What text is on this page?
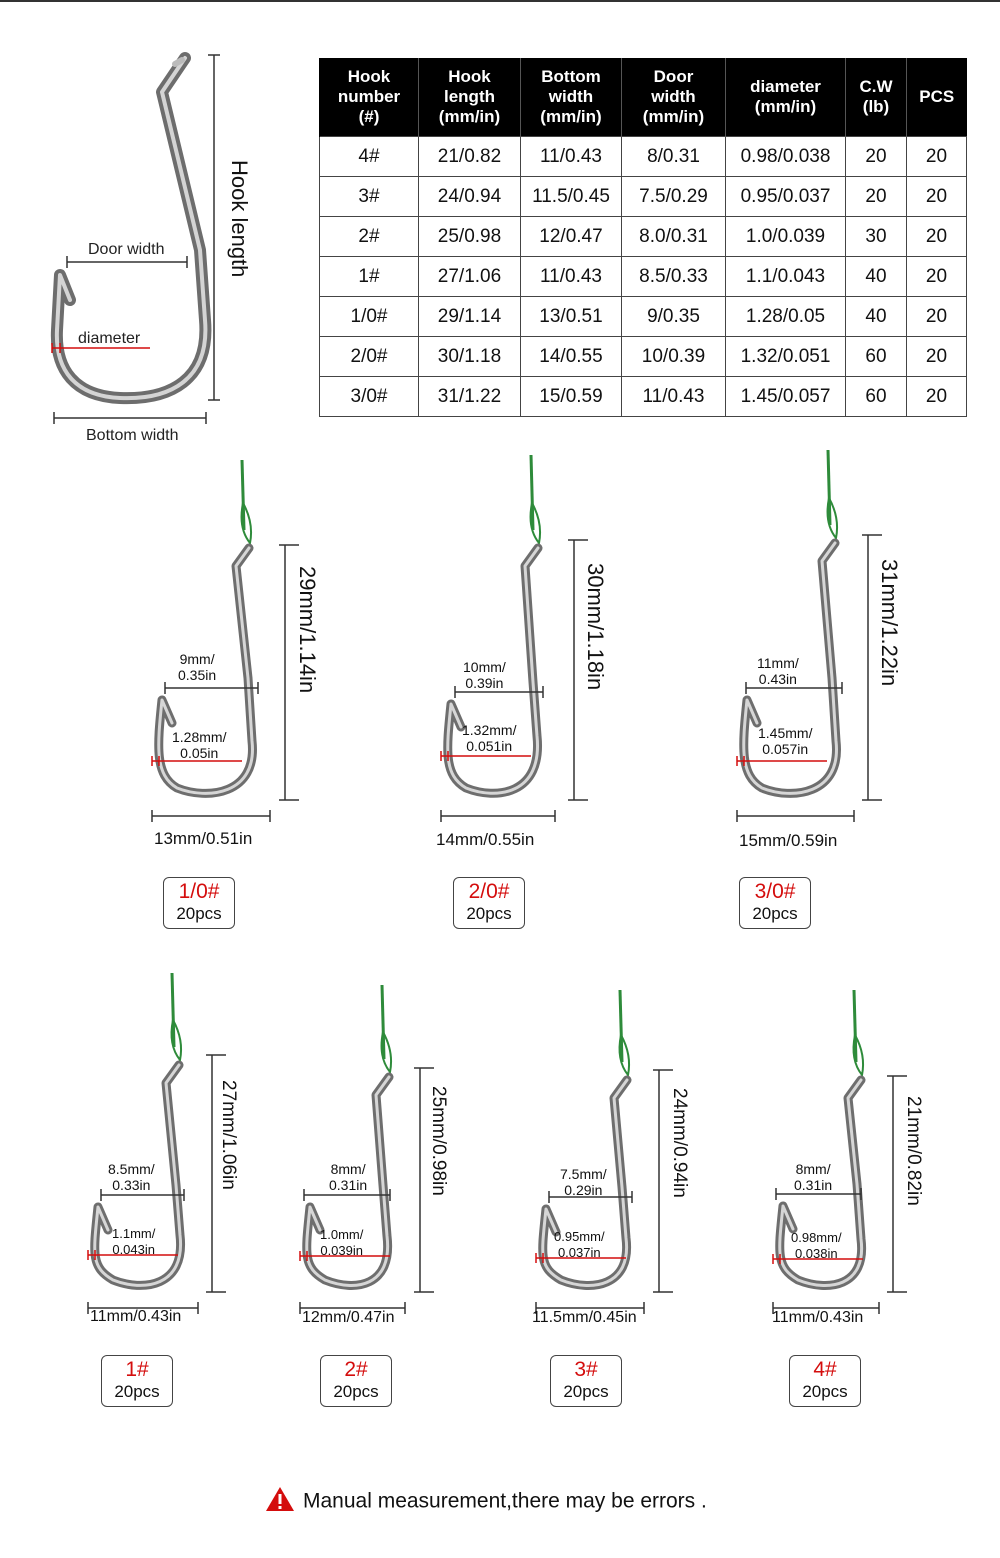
Hook length
Door width
diameter
Bottom width
Hook
number
(#)	Hook
length
(mm/in)	Bottom
width
(mm/in)	Door
width
(mm/in)	diameter
(mm/in)	C.W
(lb)	PCS
4#	21/0.82	11/0.43	8/0.31	0.98/0.038	20	20
3#	24/0.94	11.5/0.45	7.5/0.29	0.95/0.037	20	20
2#	25/0.98	12/0.47	8.0/0.31	1.0/0.039	30	20
1#	27/1.06	11/0.43	8.5/0.33	1.1/0.043	40	20
1/0#	29/1.14	13/0.51	9/0.35	1.28/0.05	40	20
2/0#	30/1.18	14/0.55	10/0.39	1.32/0.051	60	20
3/0#	31/1.22	15/0.59	11/0.43	1.45/0.057	60	20
29mm/1.14in
9mm/
0.35in
1.28mm/
0.05in
13mm/0.51in
1/0#
20pcs
30mm/1.18in
10mm/
0.39in
1.32mm/
0.051in
14mm/0.55in
2/0#
20pcs
31mm/1.22in
11mm/
0.43in
1.45mm/
0.057in
15mm/0.59in
3/0#
20pcs
27mm/1.06in
8.5mm/
0.33in
1.1mm/
0.043in
11mm/0.43in
1#
20pcs
25mm/0.98in
8mm/
0.31in
1.0mm/
0.039in
12mm/0.47in
2#
20pcs
24mm/0.94in
7.5mm/
0.29in
0.95mm/
0.037in
11.5mm/0.45in
3#
20pcs
21mm/0.82in
8mm/
0.31in
0.98mm/
0.038in
11mm/0.43in
4#
20pcs
Manual measurement,there may be errors .
